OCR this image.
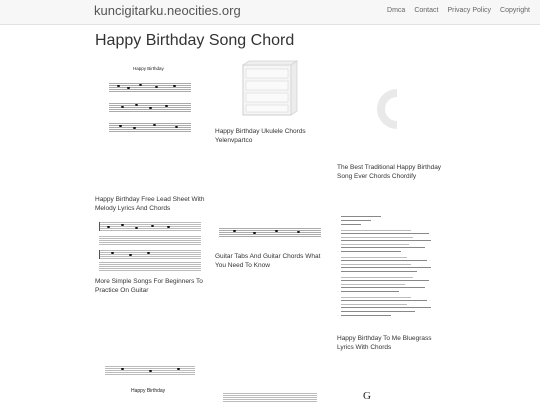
kuncigitarku.neocities.org	Dmca Contact Privacy Policy Copyright
Happy Birthday Song Chord
Happy Birthday
Happy Birthday Free Lead Sheet With Melody Lyrics And Chords
Happy Birthday Ukulele Chords Yelenvpartco
The Best Traditional Happy Birthday Song Ever Chords Chordify
More Simple Songs For Beginners To Practice On Guitar
Guitar Tabs And Guitar Chords What You Need To Know
Happy Birthday To Me Bluegrass Lyrics With Chords
Happy Birthday	G
